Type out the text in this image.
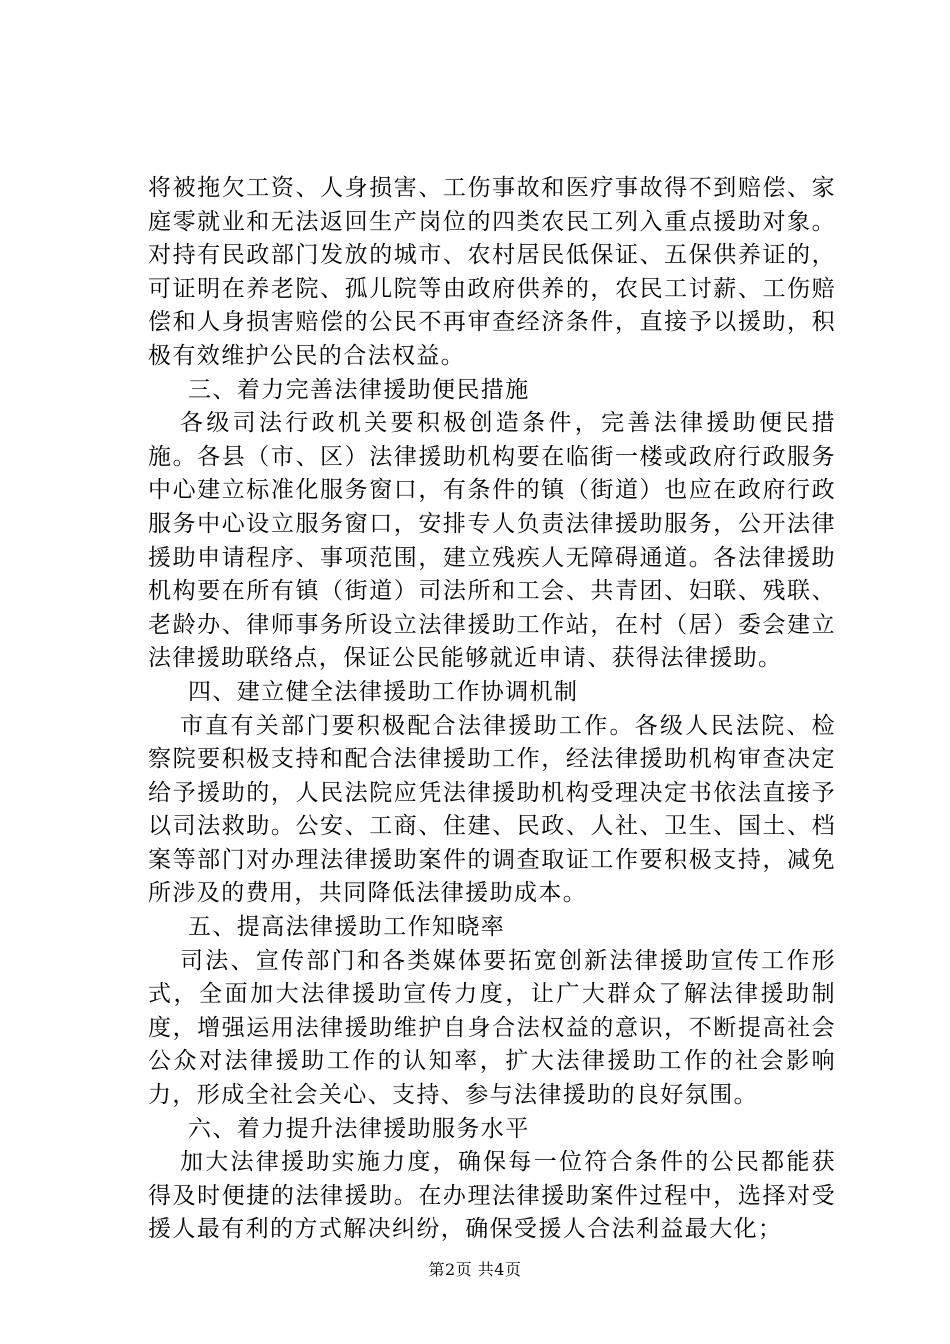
将被拖欠工资、人身损害、工伤事故和医疗事故得不到赔偿、家庭零就业和无法返回生产岗位的四类农民工列入重点援助对象。对持有民政部门发放的城市、农村居民低保证、五保供养证的，可证明在养老院、孤儿院等由政府供养的，农民工讨薪、工伤赔偿和人身损害赔偿的公民不再审查经济条件，直接予以援助，积极有效维护公民的合法权益。

三、着力完善法律援助便民措施

各级司法行政机关要积极创造条件，完善法律援助便民措施。各县（市、区）法律援助机构要在临街一楼或政府行政服务中心建立标准化服务窗口，有条件的镇（街道）也应在政府行政服务中心设立服务窗口，安排专人负责法律援助服务，公开法律援助申请程序、事项范围，建立残疾人无障碍通道。各法律援助机构要在所有镇（街道）司法所和工会、共青团、妇联、残联、老龄办、律师事务所设立法律援助工作站，在村（居）委会建立法律援助联络点，保证公民能够就近申请、获得法律援助。

四、建立健全法律援助工作协调机制

市直有关部门要积极配合法律援助工作。各级人民法院、检察院要积极支持和配合法律援助工作，经法律援助机构审查决定给予援助的，人民法院应凭法律援助机构受理决定书依法直接予以司法救助。公安、工商、住建、民政、人社、卫生、国土、档案等部门对办理法律援助案件的调查取证工作要积极支持，减免所涉及的费用，共同降低法律援助成本。

五、提高法律援助工作知晓率

司法、宣传部门和各类媒体要拓宽创新法律援助宣传工作形式，全面加大法律援助宣传力度，让广大群众了解法律援助制度，增强运用法律援助维护自身合法权益的意识，不断提高社会公众对法律援助工作的认知率，扩大法律援助工作的社会影响力，形成全社会关心、支持、参与法律援助的良好氛围。

六、着力提升法律援助服务水平

加大法律援助实施力度，确保每一位符合条件的公民都能获得及时便捷的法律援助。在办理法律援助案件过程中，选择对受援人最有利的方式解决纠纷，确保受援人合法利益最大化；

第2页 共4页
